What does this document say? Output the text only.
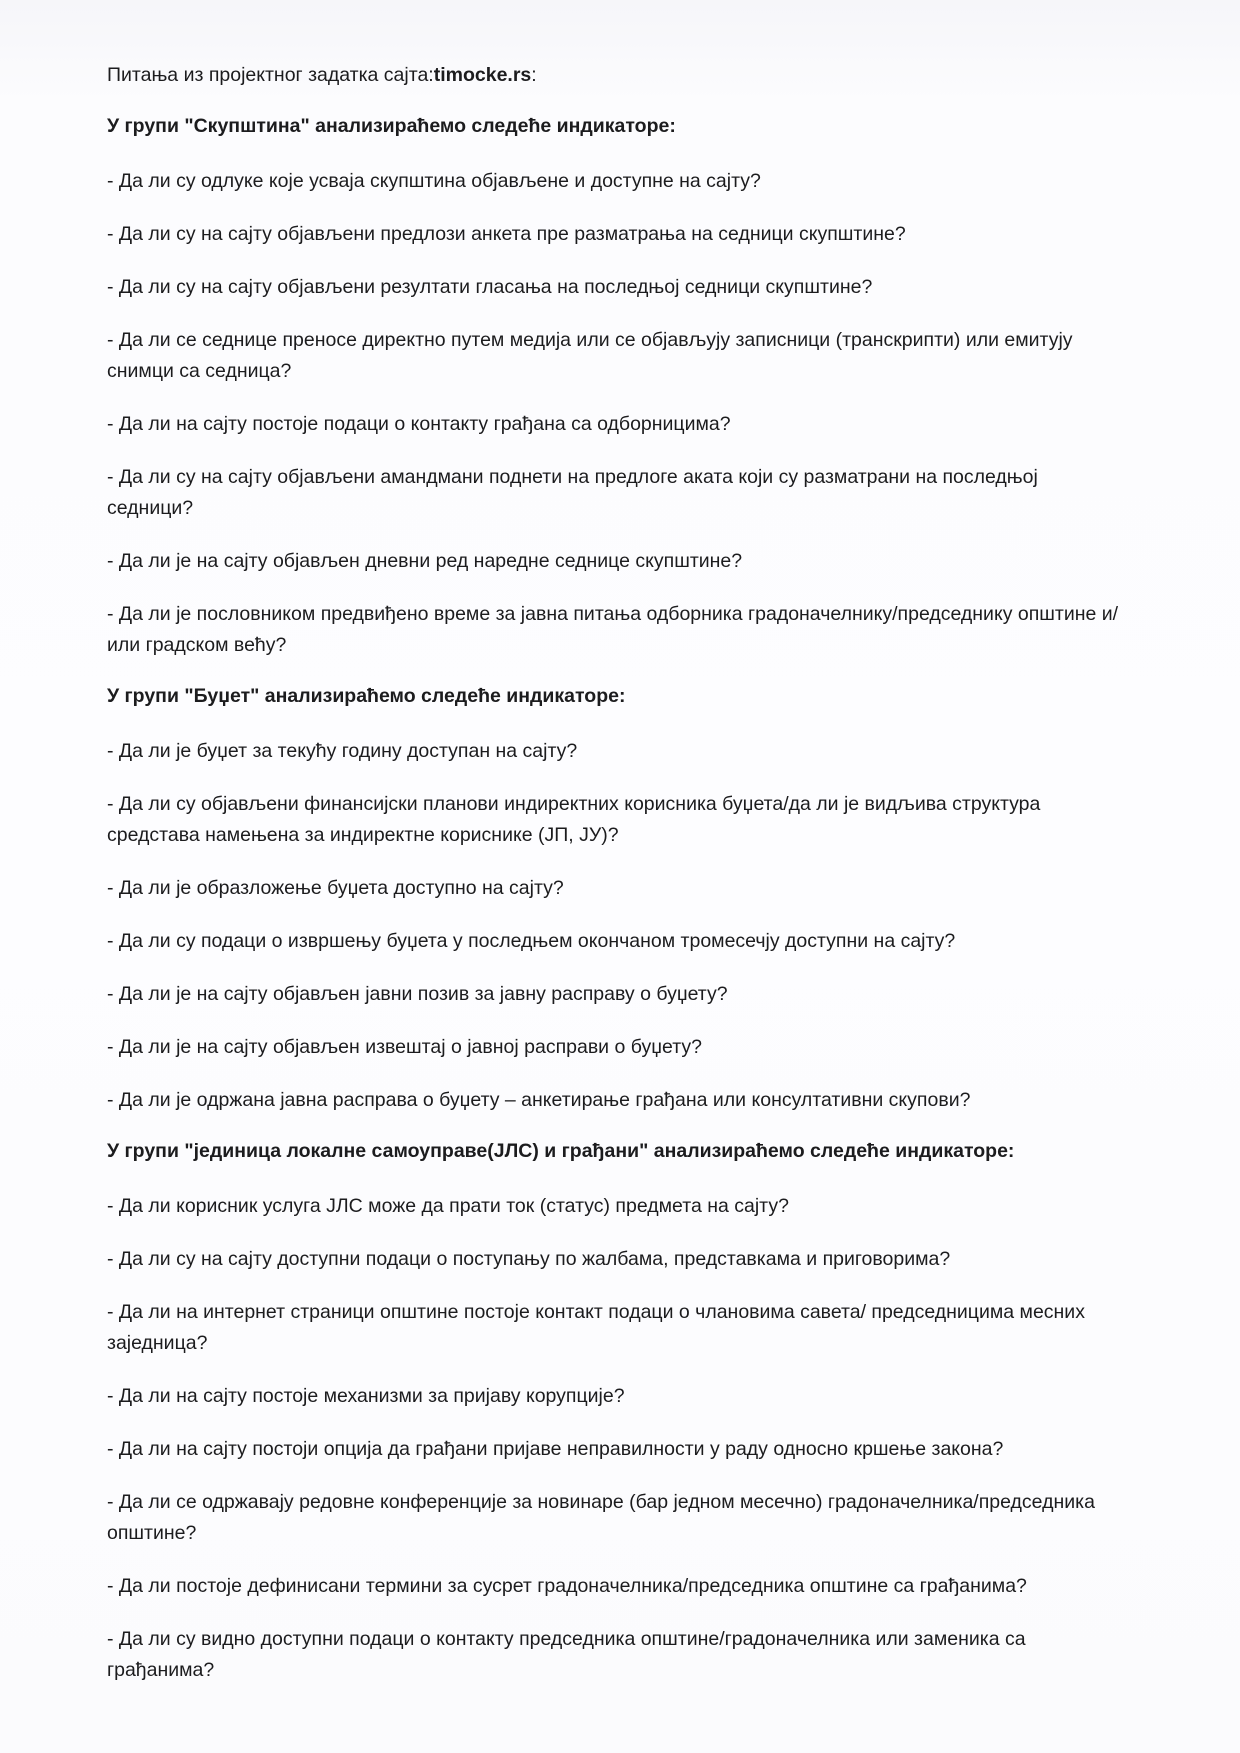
Питања из пројектног задатка сајта:timocke.rs:

У групи "Скупштина" анализираћемо следеће индикаторе:

- Да ли су одлуке које усваја скупштина објављене и доступне на сајту?
- Да ли су на сајту објављени предлози анкета пре разматрања на седници скупштине?
- Да ли су на сајту објављени резултати гласања на последњој седници скупштине?
- Да ли се седнице преносе директно путем медија или се објављују записници (транскрипти) или емитују снимци са седница?
- Да ли на сајту постоје подаци о контакту грађана са одборницима?
- Да ли су на сајту објављени амандмани поднети на предлоге аката који су разматрани на последњој седници?
- Да ли је на сајту објављен дневни ред наредне седнице скупштине?
- Да ли је пословником предвиђено време за јавна питања одборника градоначелнику/председнику општине и/или градском већу?

У групи "Буџет" анализираћемо следеће индикаторе:

- Да ли је буџет за текућу годину доступан на сајту?
- Да ли су објављени финансијски планови индиректних корисника буџета/да ли је видљива структура средстава намењена за индиректне кориснике (ЈП, ЈУ)?
- Да ли је образложење буџета доступно на сајту?
- Да ли су подаци о извршењу буџета у последњем окончаном тромесечју доступни на сајту?
- Да ли је на сајту објављен јавни позив за јавну расправу о буџету?
- Да ли је на сајту објављен извештај о јавној расправи о буџету?
- Да ли је одржана јавна расправа о буџету – анкетирање грађана или консултативни скупови?

У групи "јединица локалне самоуправе(ЈЛС) и грађани" анализираћемо следеће индикаторе:

- Да ли корисник услуга ЈЛС може да прати ток (статус) предмета на сајту?
- Да ли су на сајту доступни подаци о поступању по жалбама, представкама и приговорима?
- Да ли на интернет страници општине постоје контакт подаци о члановима савета/ председницима месних заједница?
- Да ли на сајту постоје механизми за пријаву корупције?
- Да ли на сајту постоји опција да грађани пријаве неправилности у раду односно кршење закона?
- Да ли се одржавају редовне конференције за новинаре (бар једном месечно) градоначелника/председника општине?
- Да ли постоје дефинисани термини за сусрет градоначелника/председника општине са грађанима?
- Да ли су видно доступни подаци о контакту председника општине/градоначелника или заменика са грађанима?
